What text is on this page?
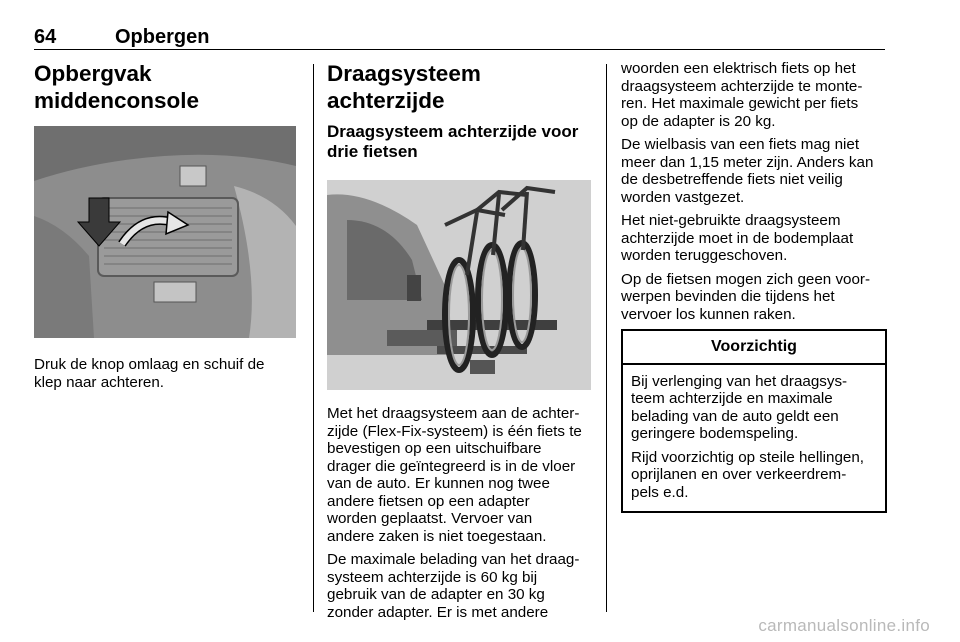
64	Opbergen
Opbergvak middenconsole

Druk de knop omlaag en schuif de
klep naar achteren.

Draagsysteem achterzijde
Draagsysteem achterzijde voor
drie fietsen

Met het draagsysteem aan de achter-
zijde (Flex-Fix-systeem) is één fiets te
bevestigen op een uitschuifbare
drager die geïntegreerd is in de vloer
van de auto. Er kunnen nog twee
andere fietsen op een adapter
worden geplaatst. Vervoer van
andere zaken is niet toegestaan.

De maximale belading van het draag-
systeem achterzijde is 60 kg bij
gebruik van de adapter en 30 kg
zonder adapter. Er is met andere

woorden een elektrisch fiets op het
draagsysteem achterzijde te monte-
ren. Het maximale gewicht per fiets
op de adapter is 20 kg.

De wielbasis van een fiets mag niet
meer dan 1,15 meter zijn. Anders kan
de desbetreffende fiets niet veilig
worden vastgezet.

Het niet-gebruikte draagsysteem
achterzijde moet in de bodemplaat
worden teruggeschoven.

Op de fietsen mogen zich geen voor-
werpen bevinden die tijdens het
vervoer los kunnen raken.

Voorzichtig

Bij verlenging van het draagsys-
teem achterzijde en maximale
belading van de auto geldt een
geringere bodemspeling.

Rijd voorzichtig op steile hellingen,
oprijlanen en over verkeerdrem-
pels e.d.

carmanualsonline.info
